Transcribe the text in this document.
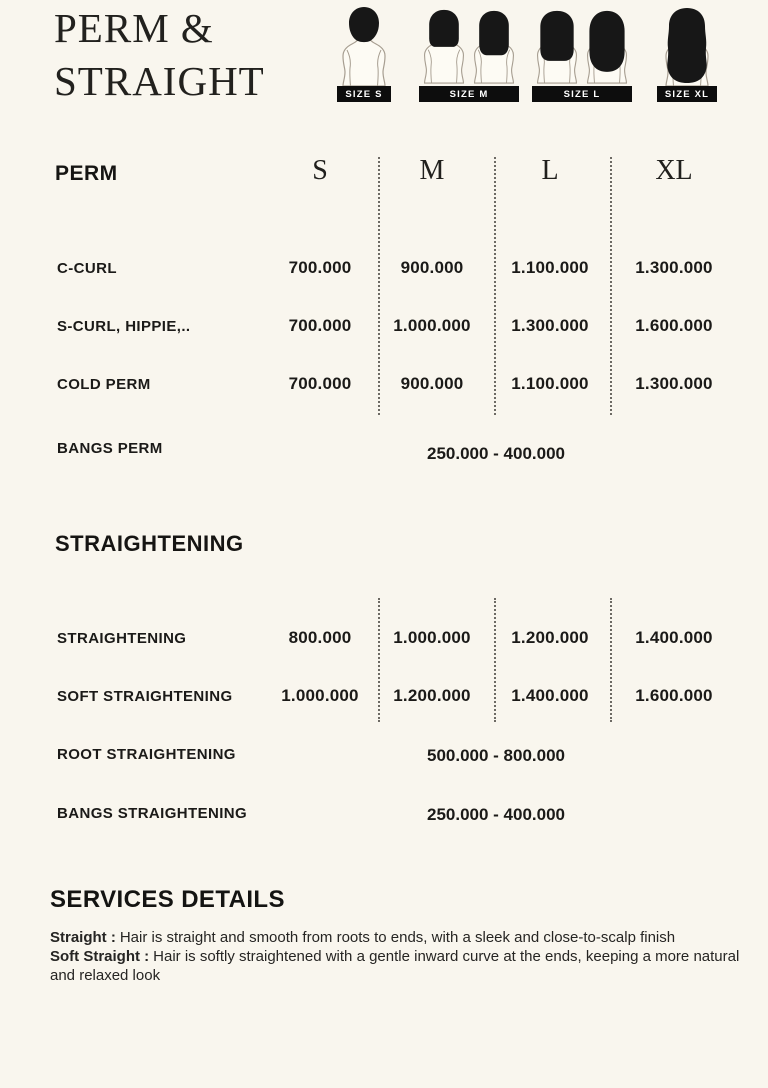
PERM &
STRAIGHT	SIZE S	SIZE M	SIZE L	SIZE XL
PERM	S	M	L	XL
C-CURL	700.000	900.000	1.100.000	1.300.000
S-CURL, HIPPIE,..	700.000	1.000.000	1.300.000	1.600.000
COLD PERM	700.000	900.000	1.100.000	1.300.000
BANGS PERM	250.000 - 400.000
STRAIGHTENING
STRAIGHTENING	800.000	1.000.000	1.200.000	1.400.000
SOFT STRAIGHTENING	1.000.000	1.200.000	1.400.000	1.600.000
ROOT STRAIGHTENING	500.000 - 800.000
BANGS STRAIGHTENING	250.000 - 400.000
SERVICES DETAILS

Straight : Hair is straight and smooth from roots to ends, with a sleek and close-to-scalp finish

Soft Straight : Hair is softly straightened with a gentle inward curve at the ends, keeping a more natural and relaxed look
